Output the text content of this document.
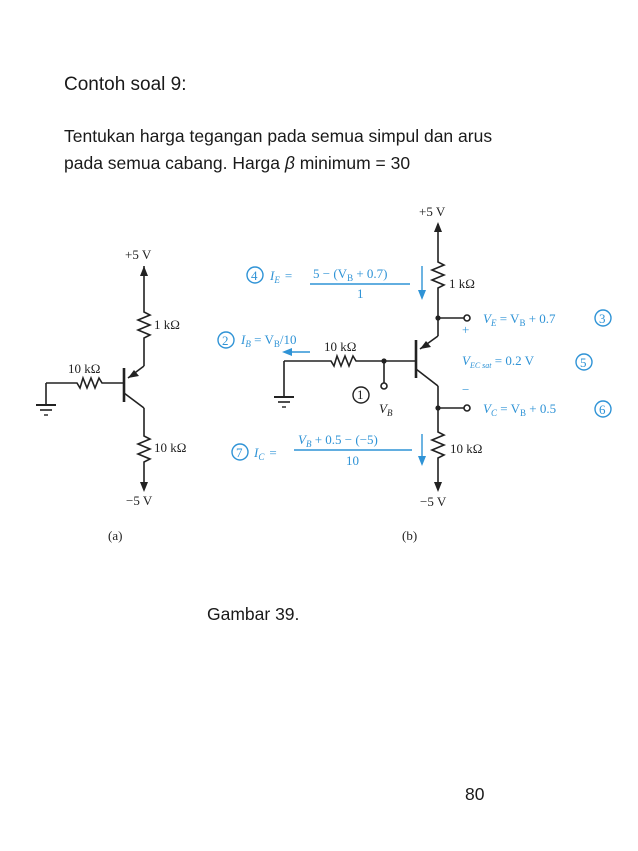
Contoh soal 9:
Tentukan harga tegangan pada semua simpul dan arus
pada semua cabang. Harga β minimum = 30
+5 V
1 kΩ
10 kΩ
10 kΩ
−5 V
(a)
+5 V
1 kΩ
10 kΩ
10 kΩ
−5 V
(b)
1
$V_B$
+
−
4
2
3
5
6
7
$I_E = 5 - (V_B + 0.7)$
1
$I_B = V_B/10$
$V_E = V_B + 0.7$
$V_{EC sat} = 0.2$ V
$V_C = V_B + 0.5$
$I_C$ =
$V_B + 0.5 - (-5)$
10
Gambar 39.
80
